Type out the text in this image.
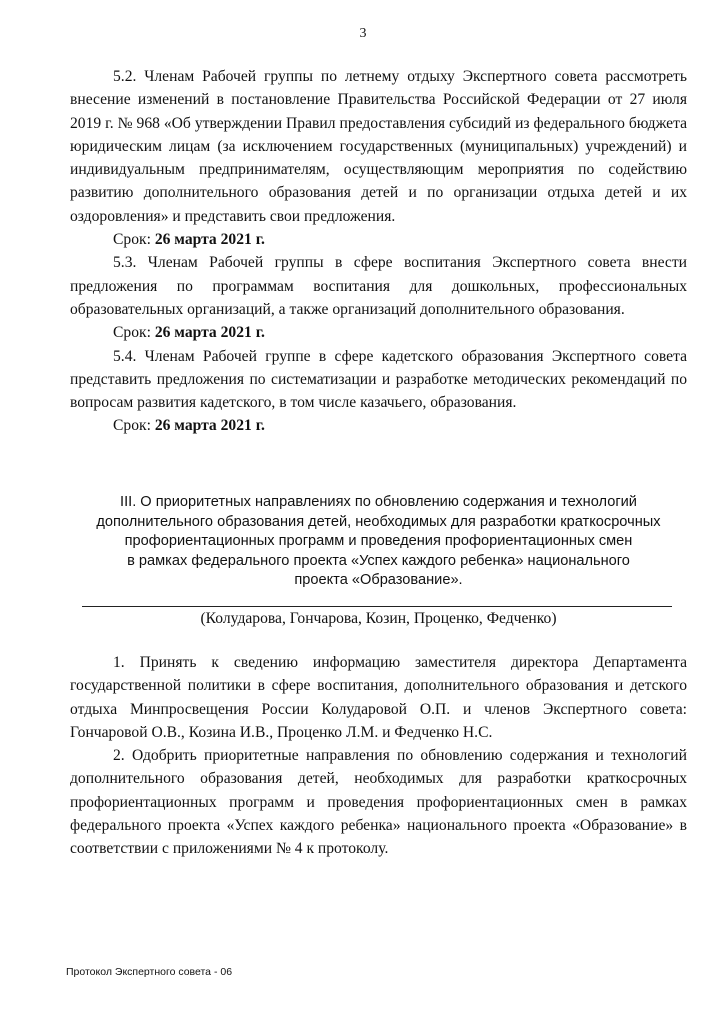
3

5.2. Членам Рабочей группы по летнему отдыху Экспертного совета рассмотреть внесение изменений в постановление Правительства Российской Федерации от 27 июля 2019 г. № 968 «Об утверждении Правил предоставления субсидий из федерального бюджета юридическим лицам (за исключением государственных (муниципальных) учреждений) и индивидуальным предпринимателям, осуществляющим мероприятия по содействию развитию дополнительного образования детей и по организации отдыха детей и их оздоровления» и представить свои предложения.

Срок: 26 марта 2021 г.

5.3. Членам Рабочей группы в сфере воспитания Экспертного совета внести предложения по программам воспитания для дошкольных, профессиональных образовательных организаций, а также организаций дополнительного образования.

Срок: 26 марта 2021 г.

5.4. Членам Рабочей группе в сфере кадетского образования Экспертного совета представить предложения по систематизации и разработке методических рекомендаций по вопросам развития кадетского, в том числе казачьего, образования.

Срок: 26 марта 2021 г.

III. О приоритетных направлениях по обновлению содержания и технологий
дополнительного образования детей, необходимых для разработки краткосрочных
профориентационных программ и проведения профориентационных смен
в рамках федерального проекта «Успех каждого ребенка» национального
проекта «Образование».
(Колударова, Гончарова, Козин, Проценко, Федченко)

1. Принять к сведению информацию заместителя директора Департамента государственной политики в сфере воспитания, дополнительного образования и детского отдыха Минпросвещения России Колударовой О.П. и членов Экспертного совета: Гончаровой О.В., Козина И.В., Проценко Л.М. и Федченко Н.С.

2. Одобрить приоритетные направления по обновлению содержания и технологий дополнительного образования детей, необходимых для разработки краткосрочных профориентационных программ и проведения профориентационных смен в рамках федерального проекта «Успех каждого ребенка» национального проекта «Образование» в соответствии с приложениями № 4 к протоколу.

Протокол Экспертного совета - 06
